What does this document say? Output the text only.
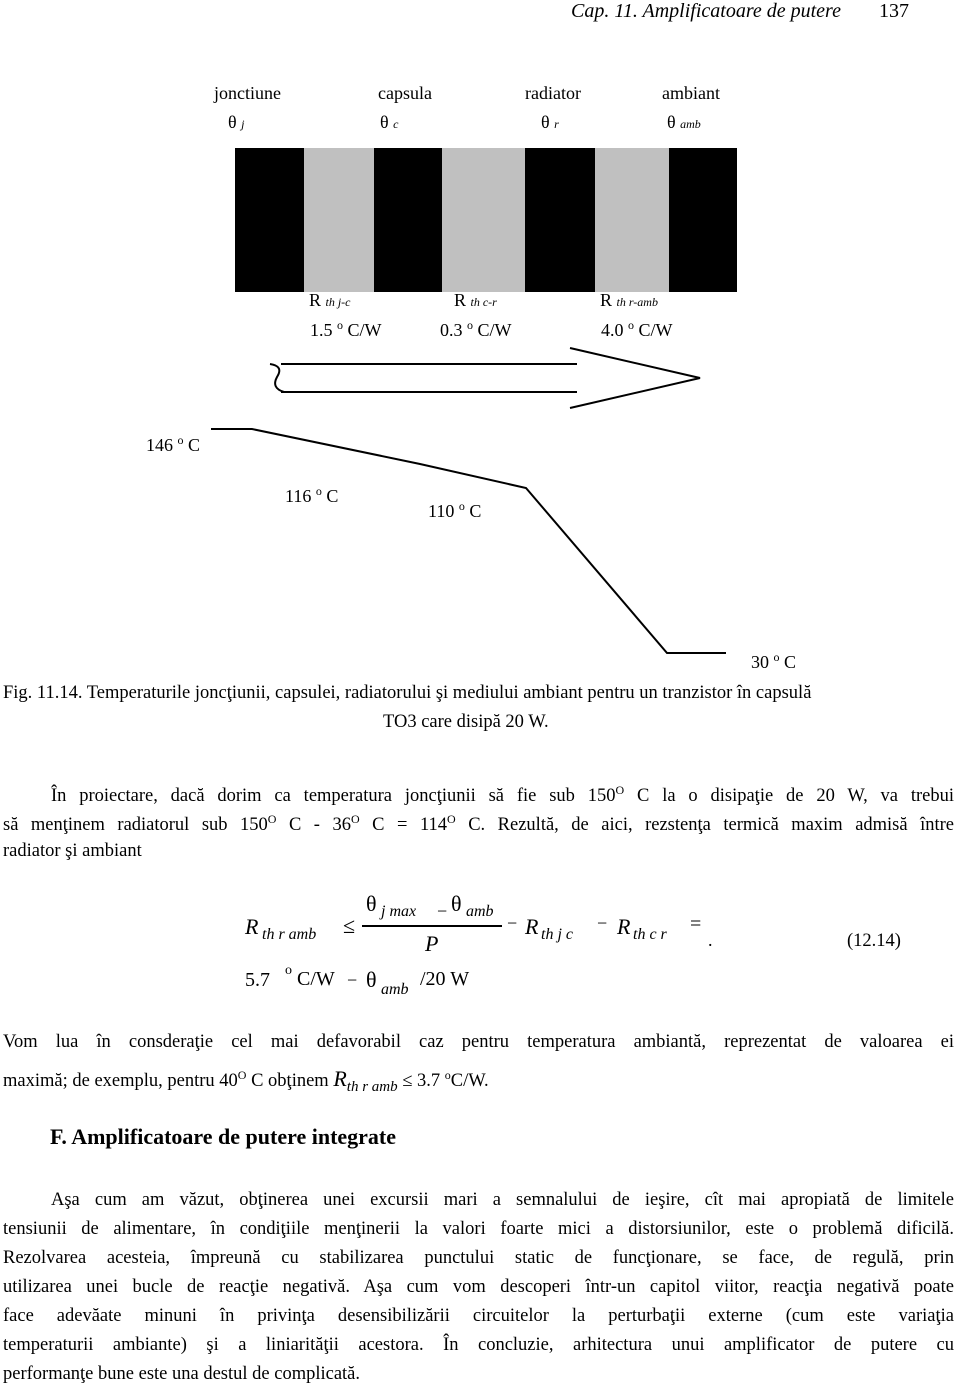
Cap. 11. Amplificatoare de putere 137
jonctiune	capsula	radiator	ambiant
θ j	θ c	θ r	θ amb
R th j-c	R th c-r	R th r-amb
1.5 $^o$ C/W	0.3 $^o$ C/W	4.0 $^o$ C/W
146 $^o$ C
116 $^o$ C
110 $^o$ C
30 $^o$ C
Fig. 11.14. Temperaturile joncţiunii, capsulei, radiatorului şi mediului ambiant pentru un tranzistor în capsulă
TO3 care disipă 20 W.
În proiectare, dacă dorim ca temperatura joncţiunii să fie sub $150^O$ C la o disipaţie de 20 W, va trebui
să menţinem radiatorul sub $150^O$ C - $36^O$ $C = 114^O$ C. Rezultă, de aici, rezstenţa termică maxim admisă între
radiator şi ambiant
R th r amb ≤
θ j max − θ amb
P
− R th j c
− R th c r =
.	(12.14)
5.7 o C/W − θ amb /20 W
Vom lua în consderaţie cel mai defavorabil caz pentru temperatura ambiantă, reprezentat de valoarea ei
maximă; de exemplu, pentru $40^O$ C obţinem $R_{th r amb} \le 3.7$ $^o$C/W.
F. Amplificatoare de putere integrate
Aşa cum am văzut, obţinerea unei excursii mari a semnalului de ieşire, cît mai apropiată de limitele
tensiunii de alimentare, în condiţiile menţinerii la valori foarte mici a distorsiunilor, este o problemă dificilă.
Rezolvarea acesteia, împreună cu stabilizarea punctului static de funcţionare, se face, de regulă, prin
utilizarea unei bucle de reacţie negativă. Aşa cum vom descoperi într-un capitol viitor, reacţia negativă poate
face adevăate minuni în privinţa desensibilizării circuitelor la perturbaţii externe (cum este variaţia
temperaturii ambiante) şi a liniarităţii acestora. În concluzie, arhitectura unui amplificator de putere cu
performanţe bune este una destul de complicată.
